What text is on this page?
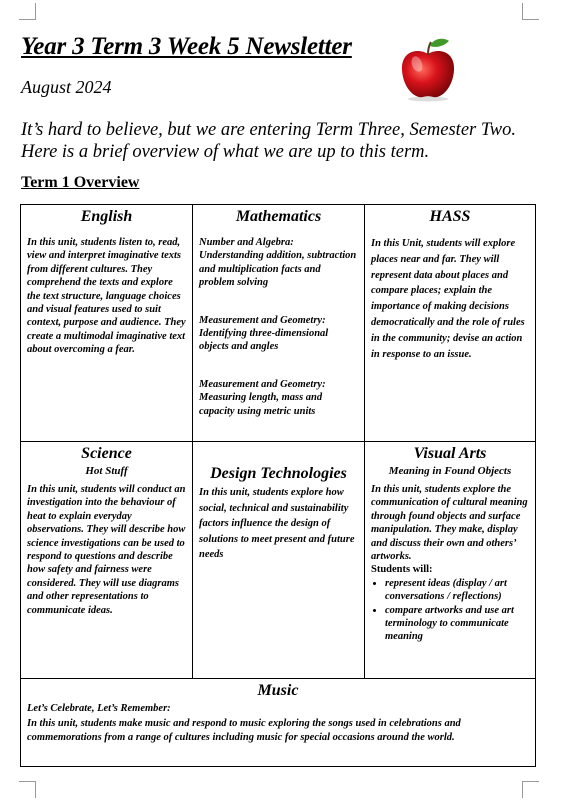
Year 3 Term 3 Week 5 Newsletter
August 2024
It’s hard to believe, but we are entering Term Three, Semester Two. Here is a brief overview of what we are up to this term.
Term 1 Overview
English
In this unit, students listen to, read, view and interpret imaginative texts from different cultures. They comprehend the texts and explore the text structure, language choices and visual features used to suit context, purpose and audience. They create a multimodal imaginative text about overcoming a fear.
Mathematics

Number and Algebra: Understanding addition, subtraction and multiplication facts and problem solving

Measurement and Geometry: Identifying three-dimensional objects and angles

Measurement and Geometry: Measuring length, mass and capacity using metric units

HASS
In this Unit, students will explore places near and far. They will represent data about places and compare places; explain the importance of making decisions democratically and the role of rules in the community; devise an action in response to an issue.
Science
Hot Stuff
In this unit, students will conduct an investigation into the behaviour of heat to explain everyday observations. They will describe how science investigations can be used to respond to questions and describe how safety and fairness were considered. They will use diagrams and other representations to communicate ideas.
Design Technologies
In this unit, students explore how social, technical and sustainability factors influence the design of solutions to meet present and future needs
Visual Arts
Meaning in Found Objects
In this unit, students explore the communication of cultural meaning through found objects and surface manipulation. They make, display and discuss their own and others’ artworks.
Students will:
• represent ideas (display / art conversations / reflections)
• compare artworks and use art terminology to communicate meaning
Music

Let’s Celebrate, Let’s Remember:

In this unit, students make music and respond to music exploring the songs used in celebrations and commemorations from a range of cultures including music for special occasions around the world.
